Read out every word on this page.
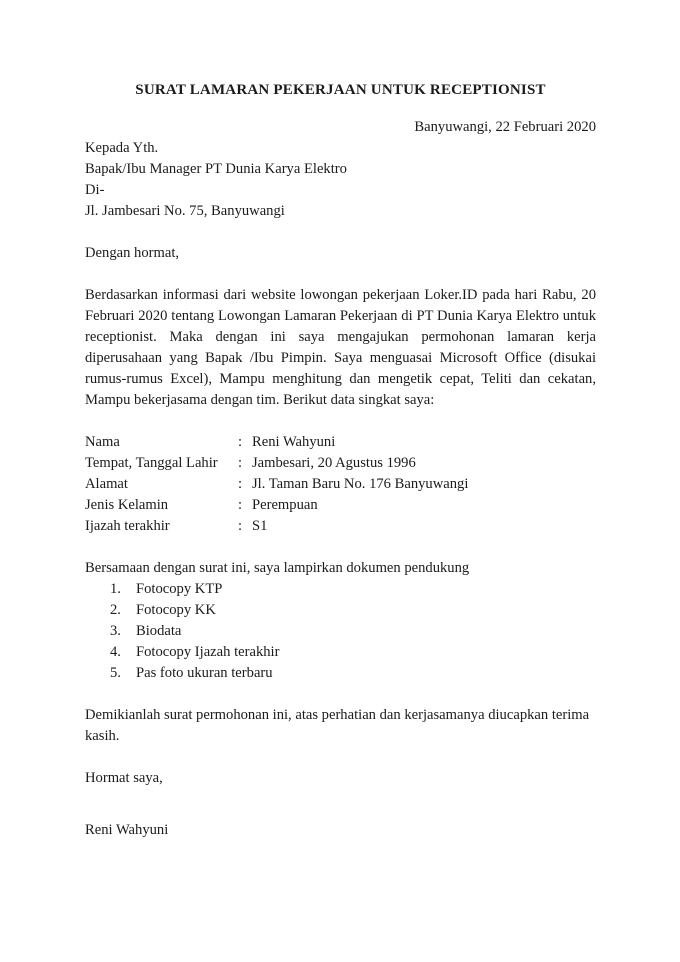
SURAT LAMARAN PEKERJAAN UNTUK RECEPTIONIST

Banyuwangi, 22 Februari 2020

Kepada Yth.

Bapak/Ibu Manager PT Dunia Karya Elektro

Di-

Jl. Jambesari No. 75, Banyuwangi

Dengan hormat,

Berdasarkan informasi dari website lowongan pekerjaan Loker.ID pada hari Rabu, 20 Februari 2020 tentang Lowongan Lamaran Pekerjaan di PT Dunia Karya Elektro untuk receptionist. Maka dengan ini saya mengajukan permohonan lamaran kerja diperusahaan yang Bapak /Ibu Pimpin. Saya menguasai Microsoft Office (disukai rumus-rumus Excel), Mampu menghitung dan mengetik cepat, Teliti dan cekatan, Mampu bekerjasama dengan tim. Berikut data singkat saya:

Nama	: Reni Wahyuni
Tempat, Tanggal Lahir	: Jambesari, 20 Agustus 1996
Alamat	: Jl. Taman Baru No. 176 Banyuwangi
Jenis Kelamin	: Perempuan
Ijazah terakhir	: S1

Bersamaan dengan surat ini, saya lampirkan dokumen pendukung

1.	Fotocopy KTP
2.	Fotocopy KK
3.	Biodata
4.	Fotocopy Ijazah terakhir
5.	Pas foto ukuran terbaru

Demikianlah surat permohonan ini, atas perhatian dan kerjasamanya diucapkan terima kasih.

Hormat saya,

Reni Wahyuni
